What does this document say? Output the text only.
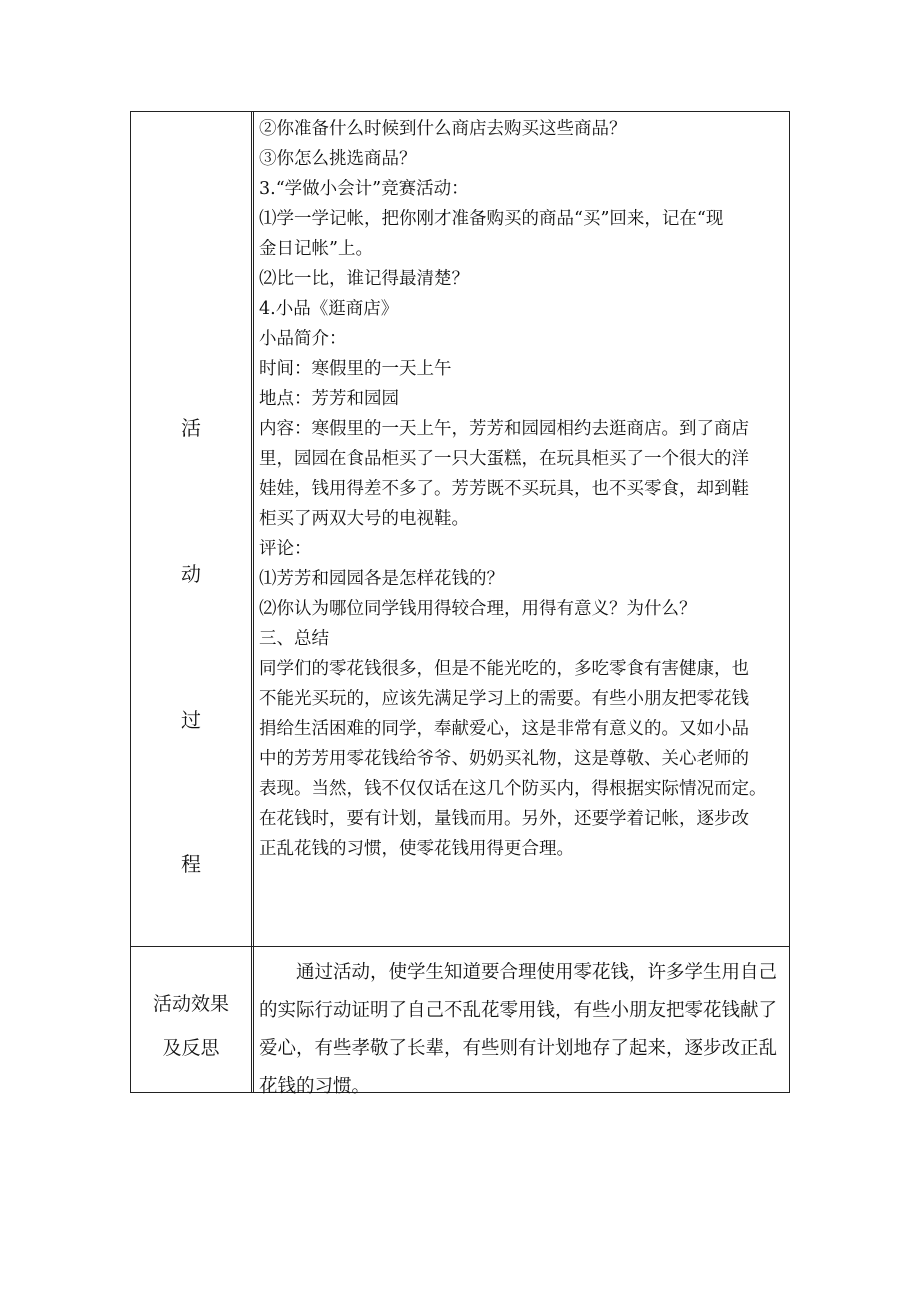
活
动
过
程

②你准备什么时候到什么商店去购买这些商品？

③你怎么挑选商品？

3.“学做小会计”竞赛活动：

⑴学一学记帐，把你刚才准备购买的商品“买”回来，记在“现

金日记帐”上。

⑵比一比，谁记得最清楚？

4.小品《逛商店》

小品简介：

时间：寒假里的一天上午

地点：芳芳和园园

内容：寒假里的一天上午，芳芳和园园相约去逛商店。到了商店

里，园园在食品柜买了一只大蛋糕，在玩具柜买了一个很大的洋

娃娃，钱用得差不多了。芳芳既不买玩具，也不买零食，却到鞋

柜买了两双大号的电视鞋。

评论：

⑴芳芳和园园各是怎样花钱的？

⑵你认为哪位同学钱用得较合理，用得有意义？为什么？

三、总结

同学们的零花钱很多，但是不能光吃的，多吃零食有害健康，也

不能光买玩的，应该先满足学习上的需要。有些小朋友把零花钱

捐给生活困难的同学，奉献爱心，这是非常有意义的。又如小品

中的芳芳用零花钱给爷爷、奶奶买礼物，这是尊敬、关心老师的

表现。当然，钱不仅仅话在这几个防买内，得根据实际情况而定。

在花钱时，要有计划，量钱而用。另外，还要学着记帐，逐步改

正乱花钱的习惯，使零花钱用得更合理。

活动效果
及反思

　　通过活动，使学生知道要合理使用零花钱，许多学生用自己

的实际行动证明了自己不乱花零用钱，有些小朋友把零花钱献了

爱心，有些孝敬了长辈，有些则有计划地存了起来，逐步改正乱

花钱的习惯。
